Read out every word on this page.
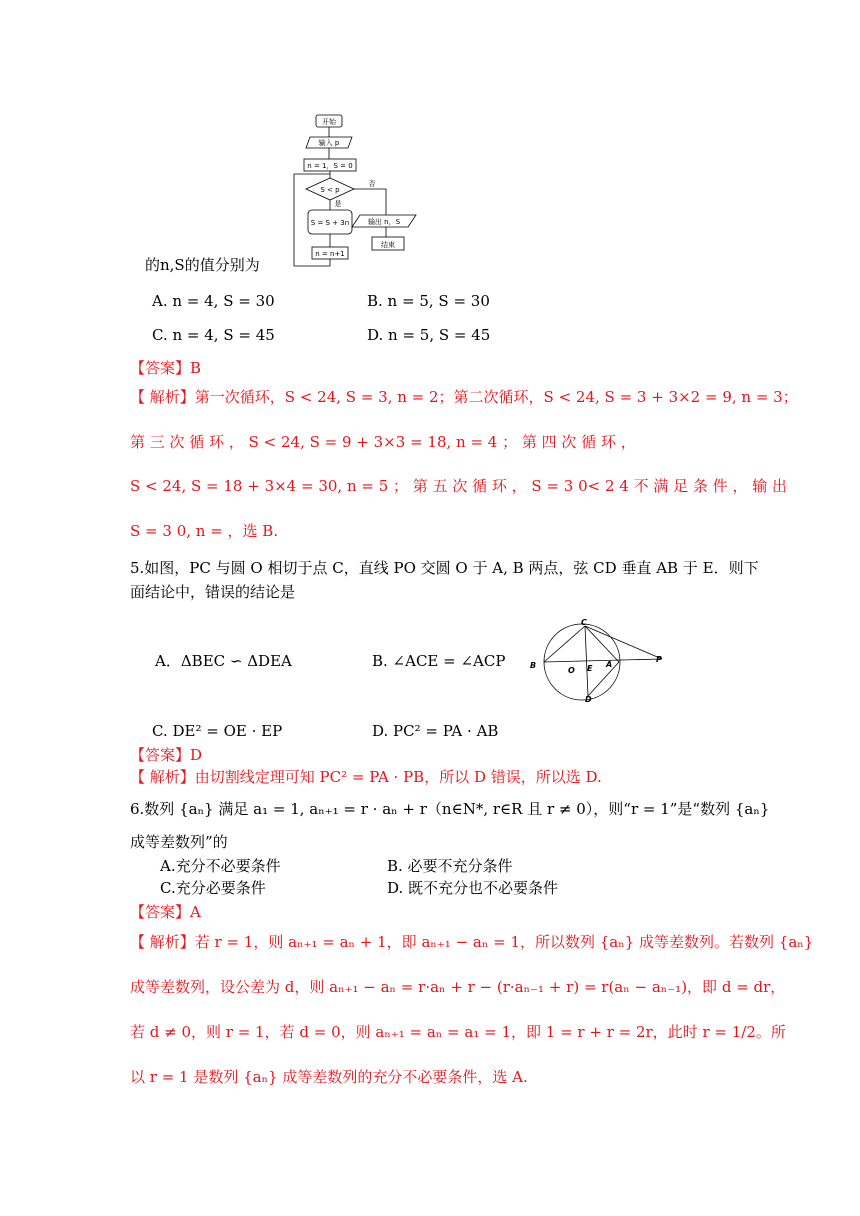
开始
输入 p
n = 1，S = 0
S < p
否
是
S = S + 3n
n = n+1
输出 n，S
结束
的n,S的值分别为
A. n = 4, S = 30	B. n = 5, S = 30
C. n = 4, S = 45	D. n = 5, S = 45
【答案】B
【 解析】第一次循环，S < 24, S = 3, n = 2；第二次循环，S < 24, S = 3 + 3×2 = 9, n = 3；
第 三 次 循 环 ， S < 24, S = 9 + 3×3 = 18, n = 4 ； 第 四 次 循 环 ，
S < 24, S = 18 + 3×4 = 30, n = 5 ； 第 五 次 循 环 ， S = 3 0< 2 4 不 满 足 条 件 ， 输 出
S = 3 0, n = ，选 B.
5.如图，PC 与圆 O 相切于点 C，直线 PO 交圆 O 于 A, B 两点，弦 CD 垂直 AB 于 E．则下
面结论中，错误的结论是
A．ΔBEC ∽ ΔDEA	B. ∠ACE = ∠ACP
C
B
O E A
P
D
C. DE² = OE · EP	D. PC² = PA · AB
【答案】D
【 解析】由切割线定理可知 PC² = PA · PB，所以 D 错误，所以选 D.
6.数列 {aₙ} 满足 a₁ = 1, aₙ₊₁ = r · aₙ + r（n∈N*, r∈R 且 r ≠ 0），则“r = 1”是“数列 {aₙ}
成等差数列”的
A.充分不必要条件	B. 必要不充分条件
C.充分必要条件	D. 既不充分也不必要条件
【答案】A
【 解析】若 r = 1，则 aₙ₊₁ = aₙ + 1，即 aₙ₊₁ − aₙ = 1，所以数列 {aₙ} 成等差数列。若数列 {aₙ}
成等差数列，设公差为 d，则 aₙ₊₁ − aₙ = r·aₙ + r − (r·aₙ₋₁ + r) = r(aₙ − aₙ₋₁)，即 d = dr，
若 d ≠ 0，则 r = 1，若 d = 0，则 aₙ₊₁ = aₙ = a₁ = 1，即 1 = r + r = 2r，此时 r = 1/2。所
以 r = 1 是数列 {aₙ} 成等差数列的充分不必要条件，选 A.
